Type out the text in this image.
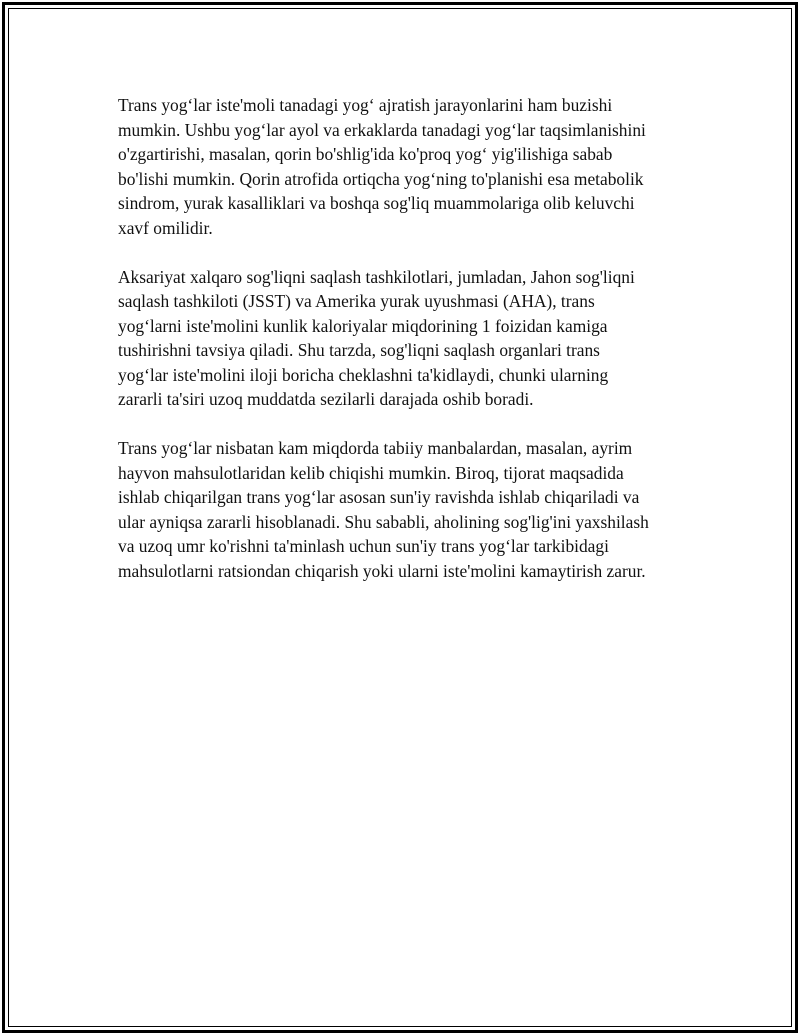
Trans yog‘lar iste'moli tanadagi yog‘ ajratish jarayonlarini ham buzishi
mumkin. Ushbu yog‘lar ayol va erkaklarda tanadagi yog‘lar taqsimlanishini
o'zgartirishi, masalan, qorin bo'shlig'ida ko'proq yog‘ yig'ilishiga sabab
bo'lishi mumkin. Qorin atrofida ortiqcha yog‘ning to'planishi esa metabolik
sindrom, yurak kasalliklari va boshqa sog'liq muammolariga olib keluvchi
xavf omilidir.

Aksariyat xalqaro sog'liqni saqlash tashkilotlari, jumladan, Jahon sog'liqni
saqlash tashkiloti (JSST) va Amerika yurak uyushmasi (AHA), trans
yog‘larni iste'molini kunlik kaloriyalar miqdorining 1 foizidan kamiga
tushirishni tavsiya qiladi. Shu tarzda, sog'liqni saqlash organlari trans
yog‘lar iste'molini iloji boricha cheklashni ta'kidlaydi, chunki ularning
zararli ta'siri uzoq muddatda sezilarli darajada oshib boradi.

Trans yog‘lar nisbatan kam miqdorda tabiiy manbalardan, masalan, ayrim
hayvon mahsulotlaridan kelib chiqishi mumkin. Biroq, tijorat maqsadida
ishlab chiqarilgan trans yog‘lar asosan sun'iy ravishda ishlab chiqariladi va
ular ayniqsa zararli hisoblanadi. Shu sababli, aholining sog'lig'ini yaxshilash
va uzoq umr ko'rishni ta'minlash uchun sun'iy trans yog‘lar tarkibidagi
mahsulotlarni ratsiondan chiqarish yoki ularni iste'molini kamaytirish zarur.
